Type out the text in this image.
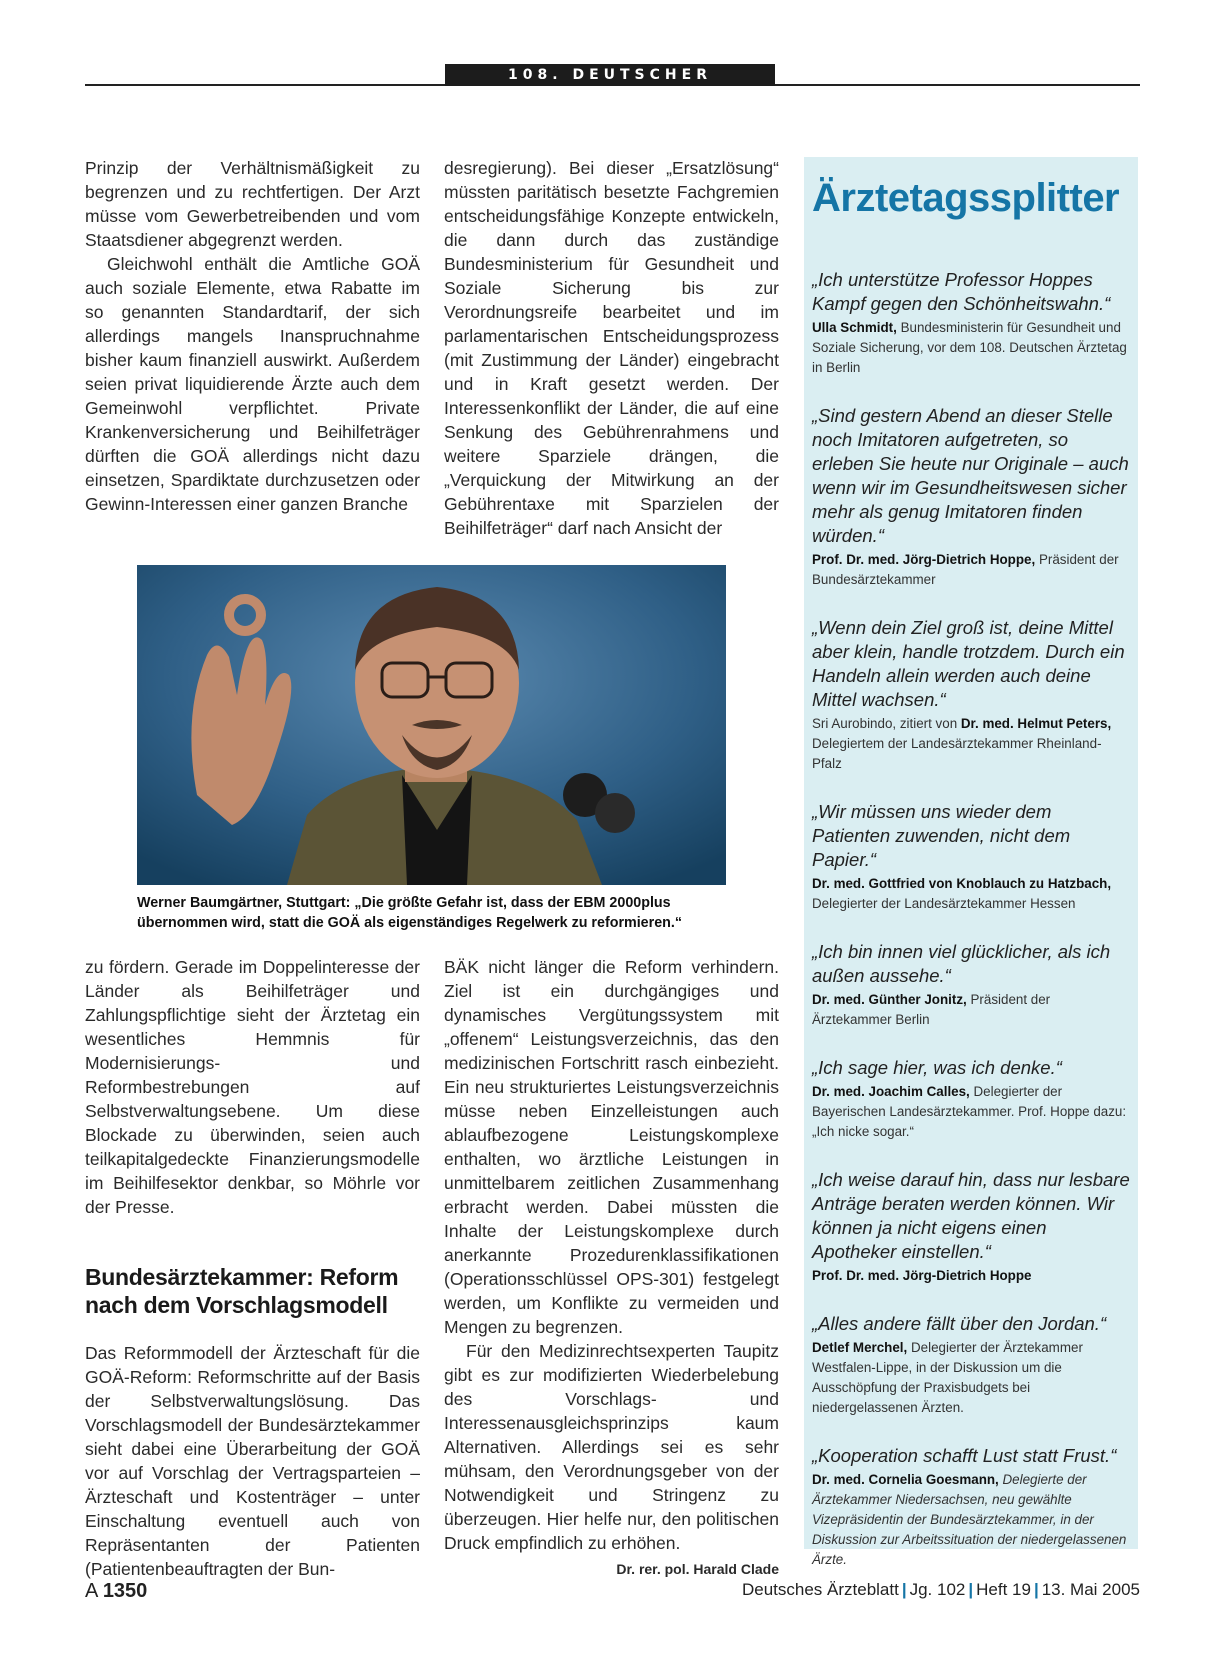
108. DEUTSCHER ÄRZTETAG

Prinzip der Verhältnismäßigkeit zu begrenzen und zu rechtfertigen. Der Arzt müsse vom Gewerbetreibenden und vom Staatsdiener abgegrenzt werden.

Gleichwohl enthält die Amtliche GOÄ auch soziale Elemente, etwa Rabatte im so genannten Standardtarif, der sich allerdings mangels Inanspruchnahme bisher kaum finanziell auswirkt. Außerdem seien privat liquidierende Ärzte auch dem Gemeinwohl verpflichtet. Private Krankenversicherung und Beihilfeträger dürften die GOÄ allerdings nicht dazu einsetzen, Spardiktate durchzusetzen oder Gewinn-Interessen einer ganzen Branche

desregierung). Bei dieser „Ersatzlösung“ müssten paritätisch besetzte Fachgremien entscheidungsfähige Konzepte entwickeln, die dann durch das zuständige Bundesministerium für Gesundheit und Soziale Sicherung bis zur Verordnungsreife bearbeitet und im parlamentarischen Entscheidungsprozess (mit Zustimmung der Länder) eingebracht und in Kraft gesetzt werden. Der Interessenkonflikt der Länder, die auf eine Senkung des Gebührenrahmens und weitere Sparziele drängen, die „Verquickung der Mitwirkung an der Gebührentaxe mit Sparzielen der Beihilfeträger“ darf nach Ansicht der

Werner Baumgärtner, Stuttgart: „Die größte Gefahr ist, dass der EBM 2000plus übernommen wird, statt die GOÄ als eigenständiges Regelwerk zu reformieren.“

zu fördern. Gerade im Doppelinteresse der Länder als Beihilfeträger und Zahlungspflichtige sieht der Ärztetag ein wesentliches Hemmnis für Modernisierungs- und Reformbestrebungen auf Selbstverwaltungsebene. Um diese Blockade zu überwinden, seien auch teilkapitalgedeckte Finanzierungsmodelle im Beihilfesektor denkbar, so Möhrle vor der Presse.

Bundesärztekammer: Reform nach dem Vorschlagsmodell

Das Reformmodell der Ärzteschaft für die GOÄ-Reform: Reformschritte auf der Basis der Selbstverwaltungslösung. Das Vorschlagsmodell der Bundesärztekammer sieht dabei eine Überarbeitung der GOÄ vor auf Vorschlag der Vertragsparteien – Ärzteschaft und Kostenträger – unter Einschaltung eventuell auch von Repräsentanten der Patienten (Patientenbeauftragten der Bun-

BÄK nicht länger die Reform verhindern. Ziel ist ein durchgängiges und dynamisches Vergütungssystem mit „offenem“ Leistungsverzeichnis, das den medizinischen Fortschritt rasch einbezieht. Ein neu strukturiertes Leistungsverzeichnis müsse neben Einzelleistungen auch ablaufbezogene Leistungskomplexe enthalten, wo ärztliche Leistungen in unmittelbarem zeitlichen Zusammenhang erbracht werden. Dabei müssten die Inhalte der Leistungskomplexe durch anerkannte Prozedurenklassifikationen (Operationsschlüssel OPS-301) festgelegt werden, um Konflikte zu vermeiden und Mengen zu begrenzen.

Für den Medizinrechtsexperten Taupitz gibt es zur modifizierten Wiederbelebung des Vorschlags- und Interessenausgleichsprinzips kaum Alternativen. Allerdings sei es sehr mühsam, den Verordnungsgeber von der Notwendigkeit und Stringenz zu überzeugen. Hier helfe nur, den politischen Druck empfindlich zu erhöhen.
Dr. rer. pol. Harald Clade

Ärztetagssplitter
„Ich unterstütze Professor Hoppes Kampf gegen den Schönheitswahn.“
Ulla Schmidt, Bundesministerin für Gesundheit und Soziale Sicherung, vor dem 108. Deutschen Ärztetag in Berlin
„Sind gestern Abend an dieser Stelle noch Imitatoren aufgetreten, so erleben Sie heute nur Originale – auch wenn wir im Gesundheitswesen sicher mehr als genug Imitatoren finden würden.“
Prof. Dr. med. Jörg-Dietrich Hoppe, Präsident der Bundesärztekammer
„Wenn dein Ziel groß ist, deine Mittel aber klein, handle trotzdem. Durch ein Handeln allein werden auch deine Mittel wachsen.“
Sri Aurobindo, zitiert von Dr. med. Helmut Peters, Delegiertem der Landesärztekammer Rheinland-Pfalz
„Wir müssen uns wieder dem Patienten zuwenden, nicht dem Papier.“
Dr. med. Gottfried von Knoblauch zu Hatzbach, Delegierter der Landesärztekammer Hessen
„Ich bin innen viel glücklicher, als ich außen aussehe.“
Dr. med. Günther Jonitz, Präsident der Ärztekammer Berlin
„Ich sage hier, was ich denke.“
Dr. med. Joachim Calles, Delegierter der Bayerischen Landesärztekammer. Prof. Hoppe dazu: „Ich nicke sogar.“
„Ich weise darauf hin, dass nur lesbare Anträge beraten werden können. Wir können ja nicht eigens einen Apotheker einstellen.“
Prof. Dr. med. Jörg-Dietrich Hoppe
„Alles andere fällt über den Jordan.“
Detlef Merchel, Delegierter der Ärztekammer Westfalen-Lippe, in der Diskussion um die Ausschöpfung der Praxisbudgets bei niedergelassenen Ärzten.
„Kooperation schafft Lust statt Frust.“
Dr. med. Cornelia Goesmann, Delegierte der Ärztekammer Niedersachsen, neu gewählte Vizepräsidentin der Bundesärztekammer, in der Diskussion zur Arbeitssituation der niedergelassenen Ärzte.
A 1350	Deutsches Ärzteblatt | Jg. 102 | Heft 19 | 13. Mai 2005
